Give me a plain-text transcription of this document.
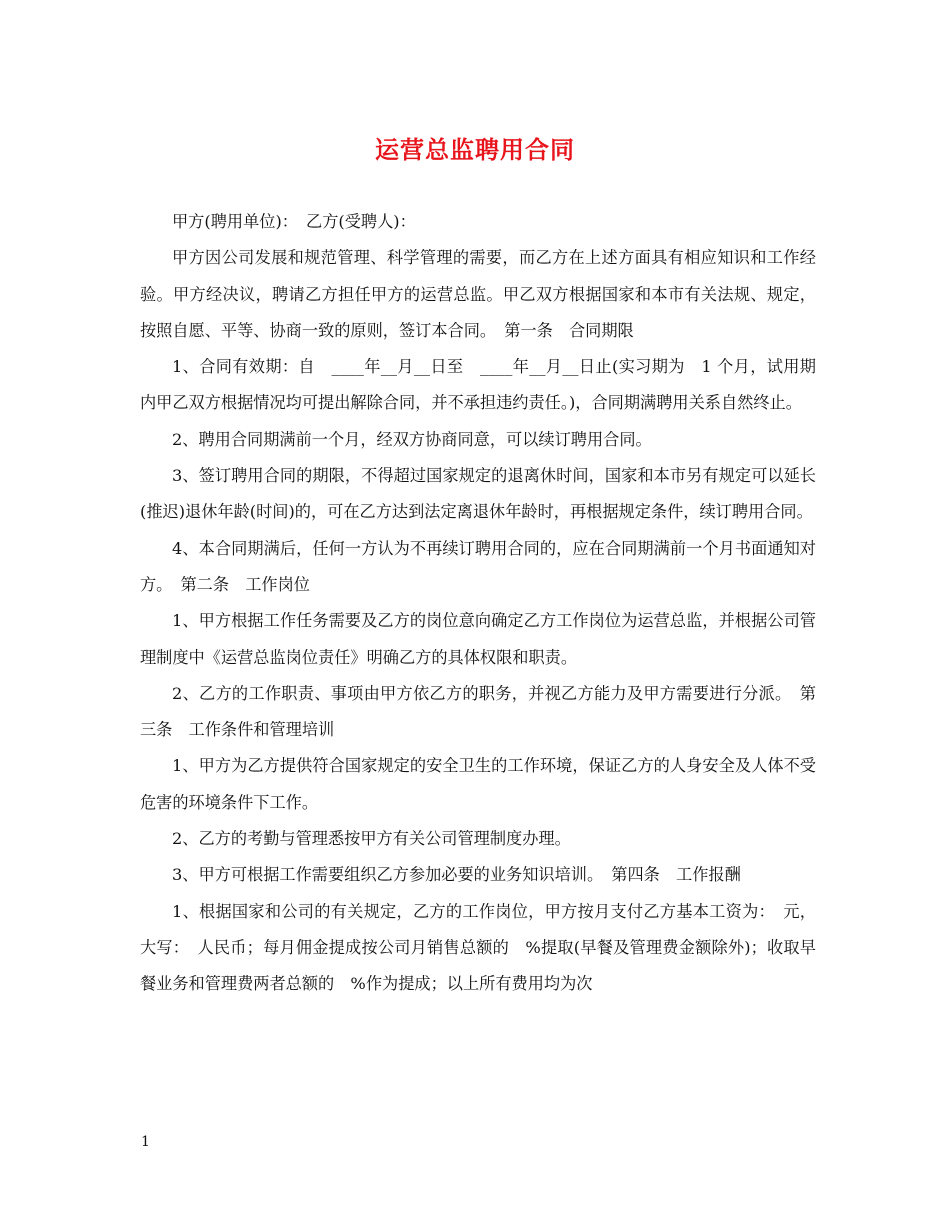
运营总监聘用合同

甲方(聘用单位)：　乙方(受聘人)：

甲方因公司发展和规范管理、科学管理的需要，而乙方在上述方面具有相应知识和工作经验。甲方经决议，聘请乙方担任甲方的运营总监。甲乙双方根据国家和本市有关法规、规定，按照自愿、平等、协商一致的原则，签订本合同。　第一条　合同期限

1、合同有效期：自　____年__月__日至　____年__月__日止(实习期为　1 个月，试用期内甲乙双方根据情况均可提出解除合同，并不承担违约责任。)，合同期满聘用关系自然终止。

2、聘用合同期满前一个月，经双方协商同意，可以续订聘用合同。

3、签订聘用合同的期限，不得超过国家规定的退离休时间，国家和本市另有规定可以延长(推迟)退休年龄(时间)的，可在乙方达到法定离退休年龄时，再根据规定条件，续订聘用合同。

4、本合同期满后，任何一方认为不再续订聘用合同的，应在合同期满前一个月书面通知对方。　第二条　工作岗位

1、甲方根据工作任务需要及乙方的岗位意向确定乙方工作岗位为运营总监，并根据公司管理制度中《运营总监岗位责任》明确乙方的具体权限和职责。

2、乙方的工作职责、事项由甲方依乙方的职务，并视乙方能力及甲方需要进行分派。　第三条　工作条件和管理培训

1、甲方为乙方提供符合国家规定的安全卫生的工作环境，保证乙方的人身安全及人体不受危害的环境条件下工作。

2、乙方的考勤与管理悉按甲方有关公司管理制度办理。

3、甲方可根据工作需要组织乙方参加必要的业务知识培训。　第四条　工作报酬

1、根据国家和公司的有关规定，乙方的工作岗位，甲方按月支付乙方基本工资为：　元，大写：　人民币；每月佣金提成按公司月销售总额的　%提取(早餐及管理费金额除外)；收取早餐业务和管理费两者总额的　%作为提成；以上所有费用均为次

1
